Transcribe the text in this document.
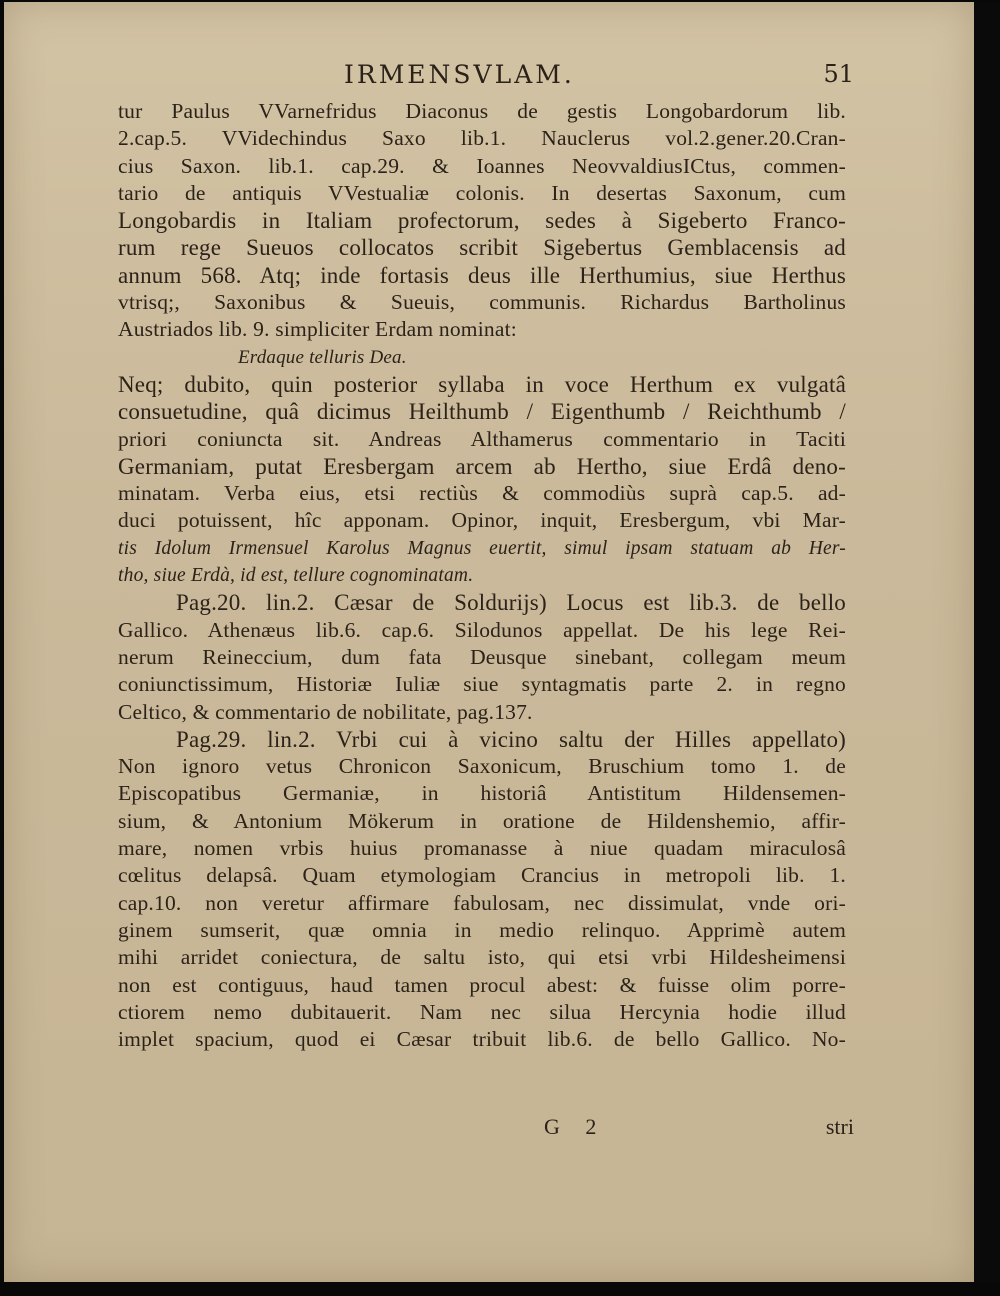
IRMENSVLAM.	51
tur Paulus VVarnefridus Diaconus de gestis Longobardorum lib.
2.cap.5. VVidechindus Saxo lib.1. Nauclerus vol.2.gener.20.Cran-
cius Saxon. lib.1. cap.29. & Ioannes NeovvaldiusICtus, commen-
tario de antiquis VVestualiæ colonis. In desertas Saxonum, cum
Longobardis in Italiam profectorum, sedes à Sigeberto Franco-
rum rege Sueuos collocatos scribit Sigebertus Gemblacensis ad
annum 568. Atq; inde fortasis deus ille Herthumius, siue Herthus
vtrisq;, Saxonibus & Sueuis, communis. Richardus Bartholinus
Austriados lib. 9. simpliciter Erdam nominat:
Erdaque telluris Dea.
Neq; dubito, quin posterior syllaba in voce Herthum ex vulgatâ
consuetudine, quâ dicimus Heilthumb / Eigenthumb / Reichthumb /
priori coniuncta sit. Andreas Althamerus commentario in Taciti
Germaniam, putat Eresbergam arcem ab Hertho, siue Erdâ deno-
minatam. Verba eius, etsi rectiùs & commodiùs suprà cap.5. ad-
duci potuissent, hîc apponam. Opinor, inquit, Eresbergum, vbi Mar-
tis Idolum Irmensuel Karolus Magnus euertit, simul ipsam statuam ab Her-
tho, siue Erdà, id est, tellure cognominatam.
Pag.20. lin.2. Cæsar de Soldurijs) Locus est lib.3. de bello
Gallico. Athenæus lib.6. cap.6. Silodunos appellat. De his lege Rei-
nerum Reineccium, dum fata Deusque sinebant, collegam meum
coniunctissimum, Historiæ Iuliæ siue syntagmatis parte 2. in regno
Celtico, & commentario de nobilitate, pag.137.
Pag.29. lin.2. Vrbi cui à vicino saltu der Hilles appellato)
Non ignoro vetus Chronicon Saxonicum, Bruschium tomo 1. de
Episcopatibus Germaniæ, in historiâ Antistitum Hildensemen-
sium, & Antonium Mökerum in oratione de Hildenshemio, affir-
mare, nomen vrbis huius promanasse à niue quadam miraculosâ
cœlitus delapsâ. Quam etymologiam Crancius in metropoli lib. 1.
cap.10. non veretur affirmare fabulosam, nec dissimulat, vnde ori-
ginem sumserit, quæ omnia in medio relinquo. Apprimè autem
mihi arridet coniectura, de saltu isto, qui etsi vrbi Hildesheimensi
non est contiguus, haud tamen procul abest: & fuisse olim porre-
ctiorem nemo dubitauerit. Nam nec silua Hercynia hodie illud
implet spacium, quod ei Cæsar tribuit lib.6. de bello Gallico. No-
G 2	stri
